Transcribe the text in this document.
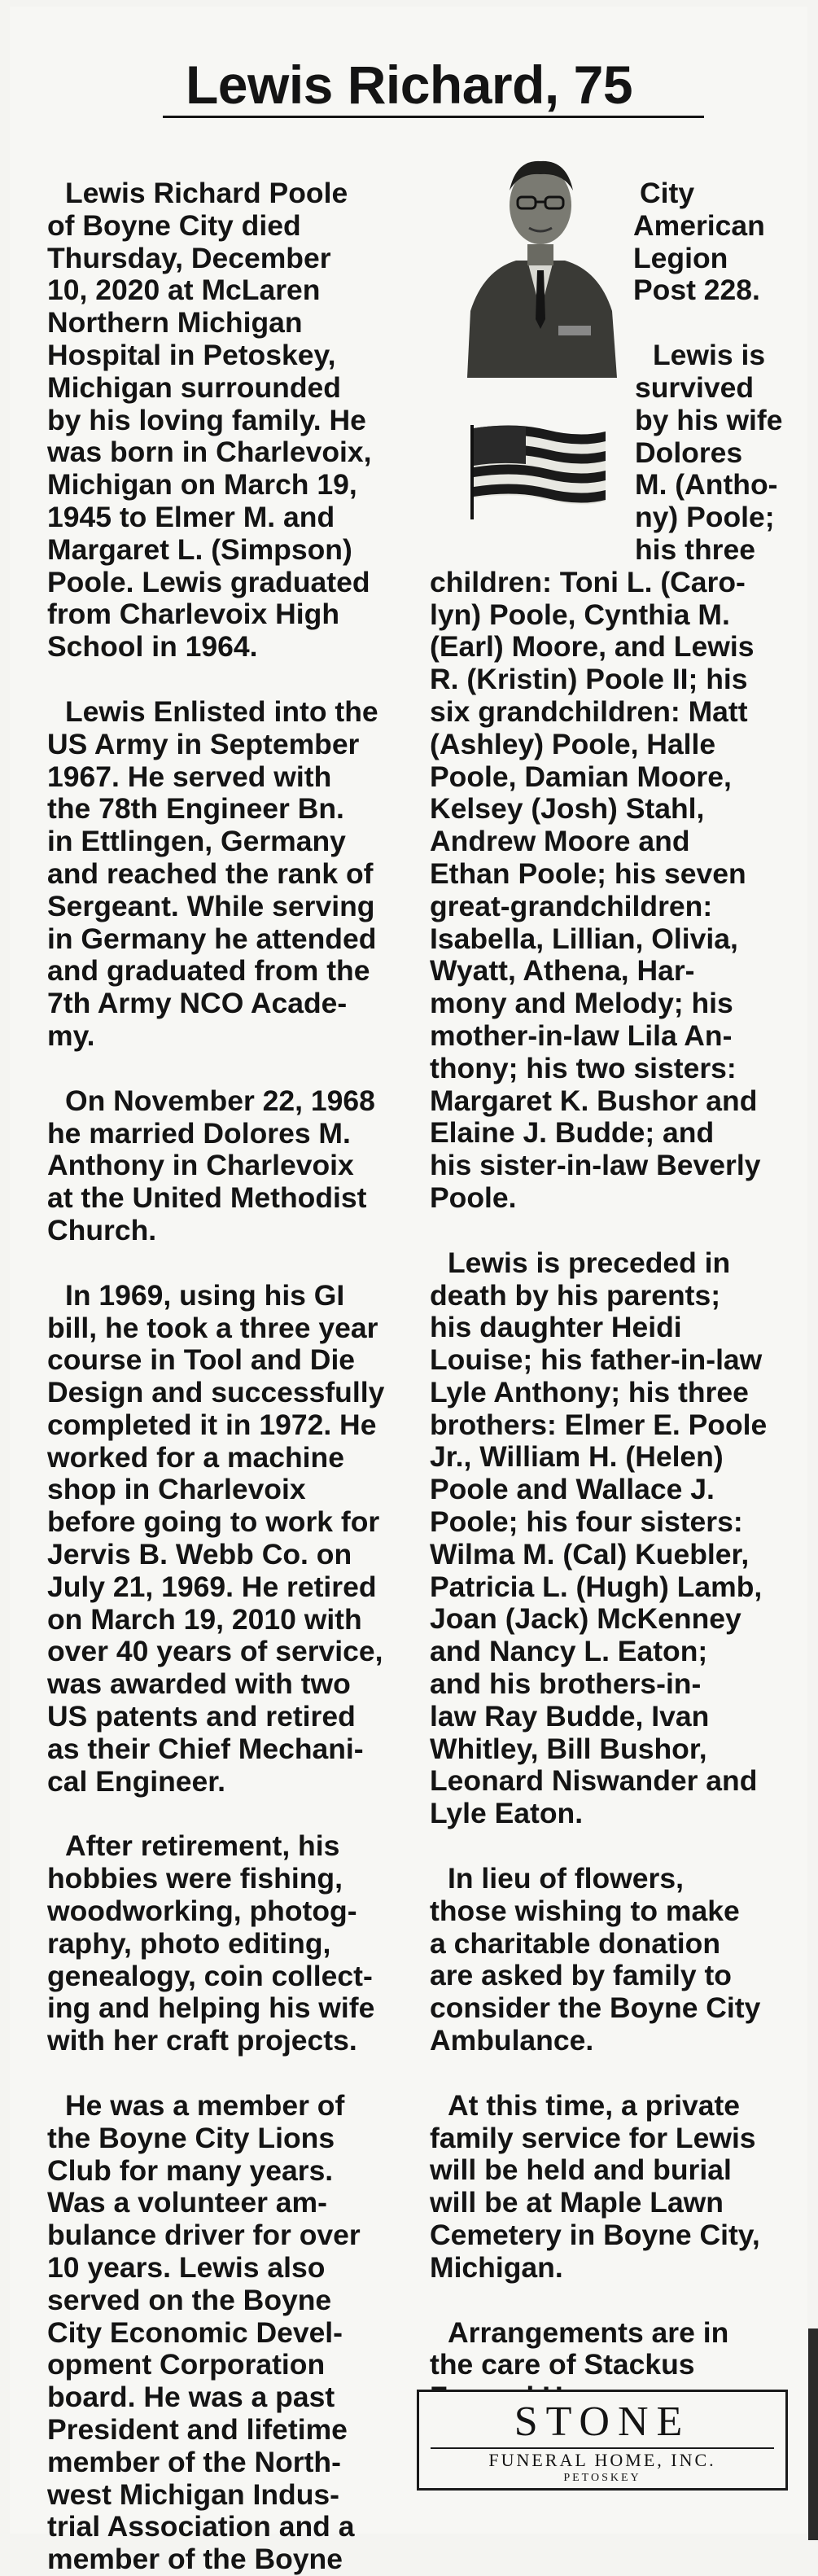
Lewis Richard, 75

Lewis Richard Poole

of Boyne City died

Thursday, December

10, 2020 at McLaren

Northern Michigan

Hospital in Petoskey,

Michigan surrounded

by his loving family. He

was born in Charlevoix,

Michigan on March 19,

1945 to Elmer M. and

Margaret L. (Simpson)

Poole. Lewis graduated

from Charlevoix High

School in 1964.

Lewis Enlisted into the

US Army in September

1967. He served with

the 78th Engineer Bn.

in Ettlingen, Germany

and reached the rank of

Sergeant. While serving

in Germany he attended

and graduated from the

7th Army NCO Acade-

my.

On November 22, 1968

he married Dolores M.

Anthony in Charlevoix

at the United Methodist

Church.

In 1969, using his GI

bill, he took a three year

course in Tool and Die

Design and successfully

completed it in 1972. He

worked for a machine

shop in Charlevoix

before going to work for

Jervis B. Webb Co. on

July 21, 1969. He retired

on March 19, 2010 with

over 40 years of service,

was awarded with two

US patents and retired

as their Chief Mechani-

cal Engineer.

After retirement, his

hobbies were fishing,

woodworking, photog-

raphy, photo editing,

genealogy, coin collect-

ing and helping his wife

with her craft projects.

He was a member of

the Boyne City Lions

Club for many years.

Was a volunteer am-

bulance driver for over

10 years. Lewis also

served on the Boyne

City Economic Devel-

opment Corporation

board. He was a past

President and lifetime

member of the North-

west Michigan Indus-

trial Association and a

member of the Boyne

City

American

Legion

Post 228.

Lewis is

survived

by his wife

Dolores

M. (Antho-

ny) Poole;

his three

children: Toni L. (Caro-

lyn) Poole, Cynthia M.

(Earl) Moore, and Lewis

R. (Kristin) Poole II; his

six grandchildren: Matt

(Ashley) Poole, Halle

Poole, Damian Moore,

Kelsey (Josh) Stahl,

Andrew Moore and

Ethan Poole; his seven

great-grandchildren:

Isabella, Lillian, Olivia,

Wyatt, Athena, Har-

mony and Melody; his

mother-in-law Lila An-

thony; his two sisters:

Margaret K. Bushor and

Elaine J. Budde; and

his sister-in-law Beverly

Poole.

Lewis is preceded in

death by his parents;

his daughter Heidi

Louise; his father-in-law

Lyle Anthony; his three

brothers: Elmer E. Poole

Jr., William H. (Helen)

Poole and Wallace J.

Poole; his four sisters:

Wilma M. (Cal) Kuebler,

Patricia L. (Hugh) Lamb,

Joan (Jack) McKenney

and Nancy L. Eaton;

and his brothers-in-

law Ray Budde, Ivan

Whitley, Bill Bushor,

Leonard Niswander and

Lyle Eaton.

In lieu of flowers,

those wishing to make

a charitable donation

are asked by family to

consider the Boyne City

Ambulance.

At this time, a private

family service for Lewis

will be held and burial

will be at Maple Lawn

Cemetery in Boyne City,

Michigan.

Arrangements are in

the care of Stackus

STONE
FUNERAL HOME, INC.
PETOSKEY
